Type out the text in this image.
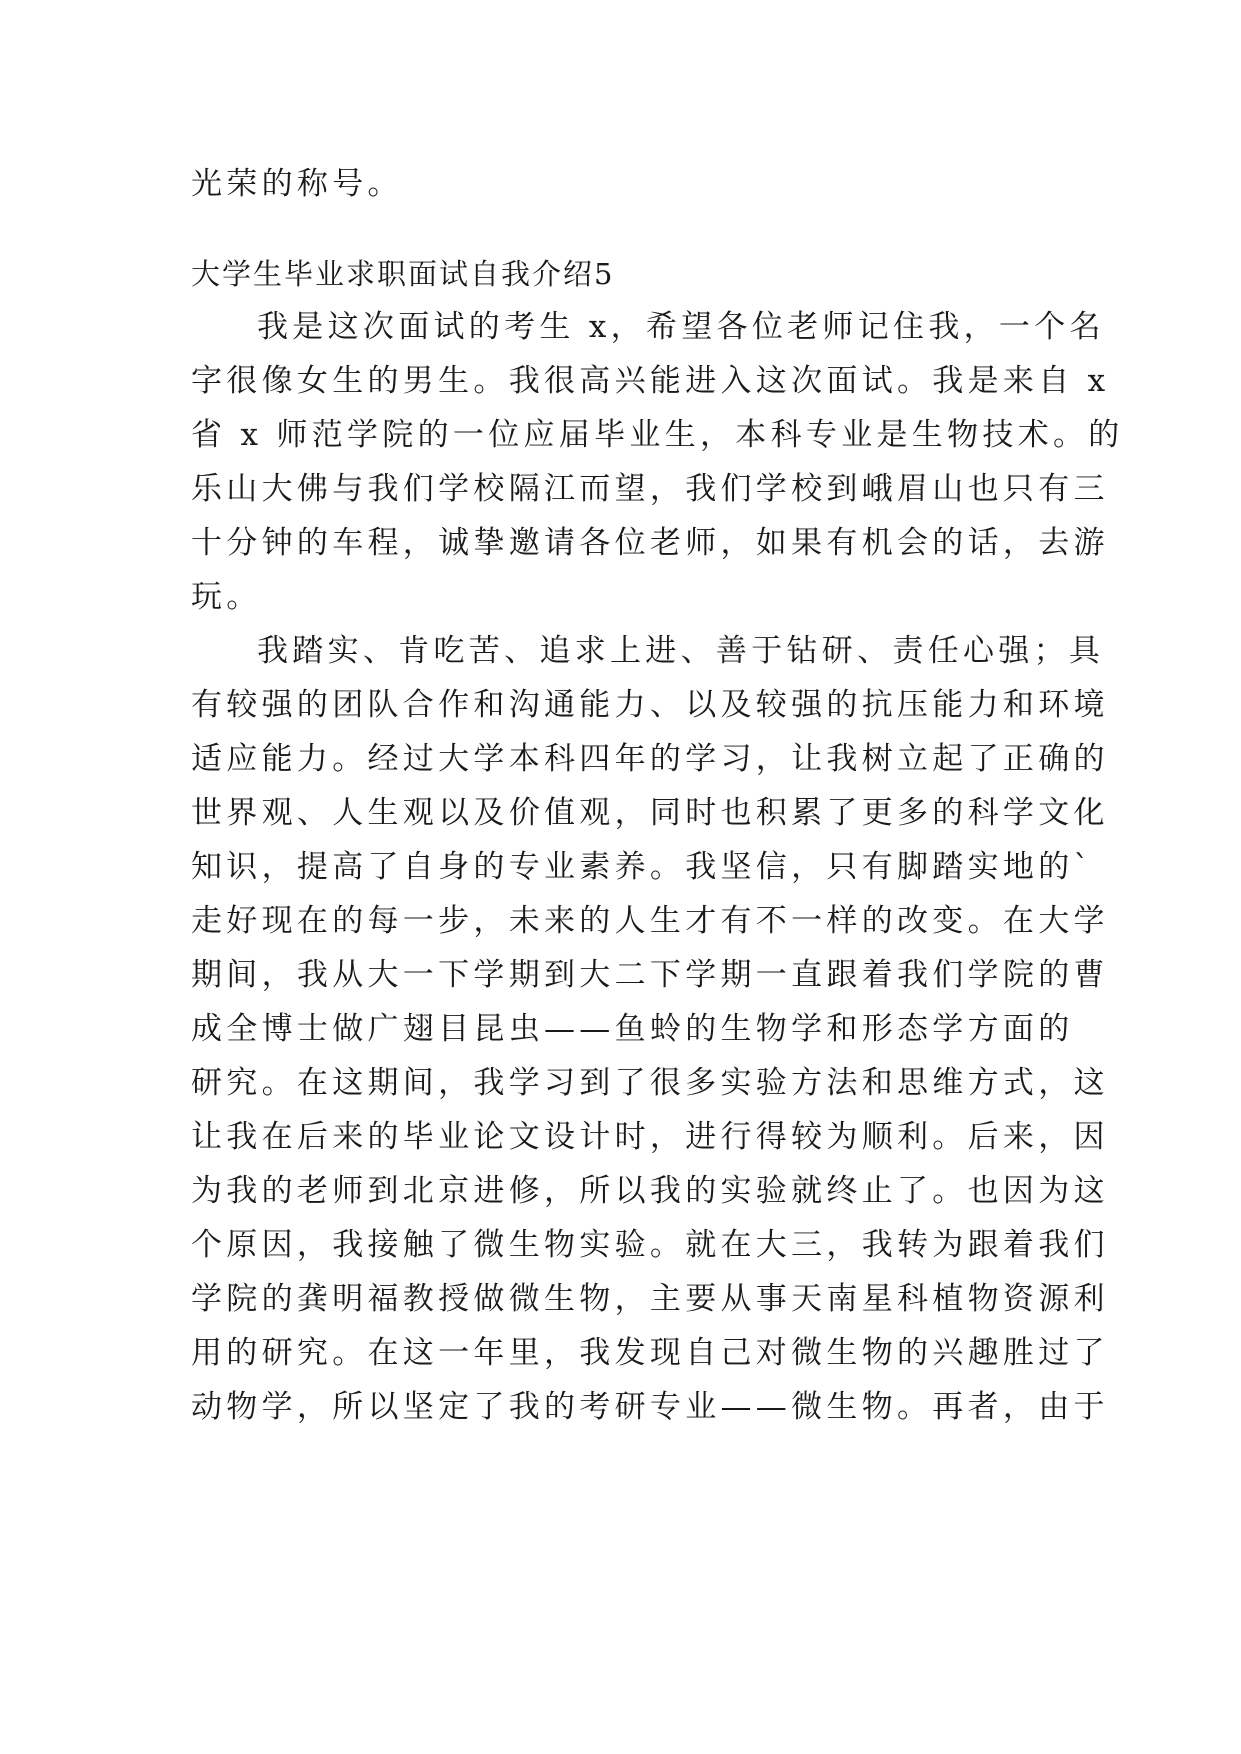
光荣的称号。

大学生毕业求职面试自我介绍5

我是这次面试的考生 x，希望各位老师记住我，一个名

字很像女生的男生。我很高兴能进入这次面试。我是来自 x

省 x 师范学院的一位应届毕业生，本科专业是生物技术。的

乐山大佛与我们学校隔江而望，我们学校到峨眉山也只有三

十分钟的车程，诚挚邀请各位老师，如果有机会的话，去游

玩。

我踏实、肯吃苦、追求上进、善于钻研、责任心强；具

有较强的团队合作和沟通能力、以及较强的抗压能力和环境

适应能力。经过大学本科四年的学习，让我树立起了正确的

世界观、人生观以及价值观，同时也积累了更多的科学文化

知识，提高了自身的专业素养。我坚信，只有脚踏实地的`

走好现在的每一步，未来的人生才有不一样的改变。在大学

期间，我从大一下学期到大二下学期一直跟着我们学院的曹

成全博士做广翅目昆虫——鱼蛉的生物学和形态学方面的

研究。在这期间，我学习到了很多实验方法和思维方式，这

让我在后来的毕业论文设计时，进行得较为顺利。后来，因

为我的老师到北京进修，所以我的实验就终止了。也因为这

个原因，我接触了微生物实验。就在大三，我转为跟着我们

学院的龚明福教授做微生物，主要从事天南星科植物资源利

用的研究。在这一年里，我发现自己对微生物的兴趣胜过了

动物学，所以坚定了我的考研专业——微生物。再者，由于
